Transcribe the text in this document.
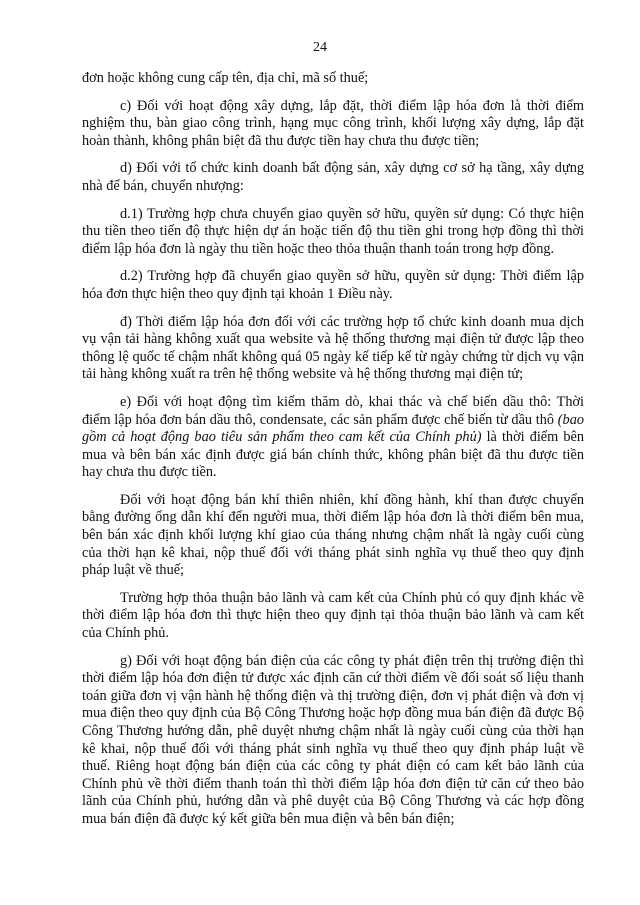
24

đơn hoặc không cung cấp tên, địa chỉ, mã số thuế;

c) Đối với hoạt động xây dựng, lắp đặt, thời điểm lập hóa đơn là thời điểm nghiệm thu, bàn giao công trình, hạng mục công trình, khối lượng xây dựng, lắp đặt hoàn thành, không phân biệt đã thu được tiền hay chưa thu được tiền;

d) Đối với tổ chức kinh doanh bất động sản, xây dựng cơ sở hạ tầng, xây dựng nhà để bán, chuyển nhượng:

d.1) Trường hợp chưa chuyển giao quyền sở hữu, quyền sử dụng: Có thực hiện thu tiền theo tiến độ thực hiện dự án hoặc tiến độ thu tiền ghi trong hợp đồng thì thời điểm lập hóa đơn là ngày thu tiền hoặc theo thỏa thuận thanh toán trong hợp đồng.

d.2) Trường hợp đã chuyển giao quyền sở hữu, quyền sử dụng: Thời điểm lập hóa đơn thực hiện theo quy định tại khoản 1 Điều này.

đ) Thời điểm lập hóa đơn đối với các trường hợp tổ chức kinh doanh mua dịch vụ vận tải hàng không xuất qua website và hệ thống thương mại điện tử được lập theo thông lệ quốc tế chậm nhất không quá 05 ngày kế tiếp kể từ ngày chứng từ dịch vụ vận tải hàng không xuất ra trên hệ thống website và hệ thống thương mại điện tử;

e) Đối với hoạt động tìm kiếm thăm dò, khai thác và chế biến dầu thô: Thời điểm lập hóa đơn bán dầu thô, condensate, các sản phẩm được chế biến từ dầu thô (bao gồm cả hoạt động bao tiêu sản phẩm theo cam kết của Chính phủ) là thời điểm bên mua và bên bán xác định được giá bán chính thức, không phân biệt đã thu được tiền hay chưa thu được tiền.

Đối với hoạt động bán khí thiên nhiên, khí đồng hành, khí than được chuyển bằng đường ống dẫn khí đến người mua, thời điểm lập hóa đơn là thời điểm bên mua, bên bán xác định khối lượng khí giao của tháng nhưng chậm nhất là ngày cuối cùng của thời hạn kê khai, nộp thuế đối với tháng phát sinh nghĩa vụ thuế theo quy định pháp luật về thuế;

Trường hợp thỏa thuận bảo lãnh và cam kết của Chính phủ có quy định khác về thời điểm lập hóa đơn thì thực hiện theo quy định tại thỏa thuận bảo lãnh và cam kết của Chính phủ.

g) Đối với hoạt động bán điện của các công ty phát điện trên thị trường điện thì thời điểm lập hóa đơn điện tử được xác định căn cứ thời điểm về đối soát số liệu thanh toán giữa đơn vị vận hành hệ thống điện và thị trường điện, đơn vị phát điện và đơn vị mua điện theo quy định của Bộ Công Thương hoặc hợp đồng mua bán điện đã được Bộ Công Thương hướng dẫn, phê duyệt nhưng chậm nhất là ngày cuối cùng của thời hạn kê khai, nộp thuế đối với tháng phát sinh nghĩa vụ thuế theo quy định pháp luật về thuế. Riêng hoạt động bán điện của các công ty phát điện có cam kết bảo lãnh của Chính phủ về thời điểm thanh toán thì thời điểm lập hóa đơn điện tử căn cứ theo bảo lãnh của Chính phủ, hướng dẫn và phê duyệt của Bộ Công Thương và các hợp đồng mua bán điện đã được ký kết giữa bên mua điện và bên bán điện;
